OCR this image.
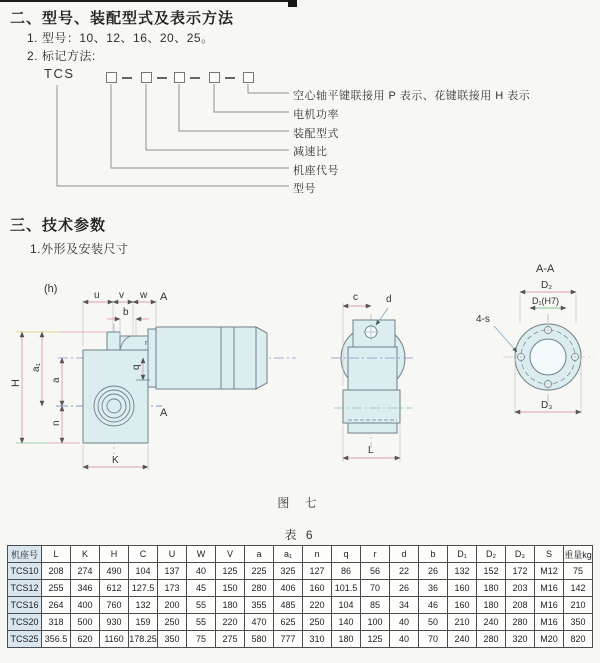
二、型号、装配型式及表示方法
1. 型号：10、12、16、20、25。
2. 标记方法:
TCS
空心轴平键联接用 P 表示、花键联接用 H 表示
电机功率
装配型式
减速比
机座代号
型号
三、技术参数
1.外形及安装尺寸
(h)
u v w A
b
H
a₁
a
q
r
n
K
A
c	d
L
A-A
D₂
D₁(H7)
4-s
D₃
图 七
表 6
机座号	L	K	H	C	U	W	V	a	a₁	n	q	r	d	b	D₁	D₂	D₃	S	重量kg
TCS10	208	274	490	104	137	40	125	225	325	127	86	56	22	26	132	152	172	M12	75
TCS12	255	346	612	127.5	173	45	150	280	406	160	101.5	70	26	36	160	180	203	M16	142
TCS16	264	400	760	132	200	55	180	355	485	220	104	85	34	46	160	180	208	M16	210
TCS20	318	500	930	159	250	55	220	470	625	250	140	100	40	50	210	240	280	M16	350
TCS25	356.5	620	1160	178.25	350	75	275	580	777	310	180	125	40	70	240	280	320	M20	820
